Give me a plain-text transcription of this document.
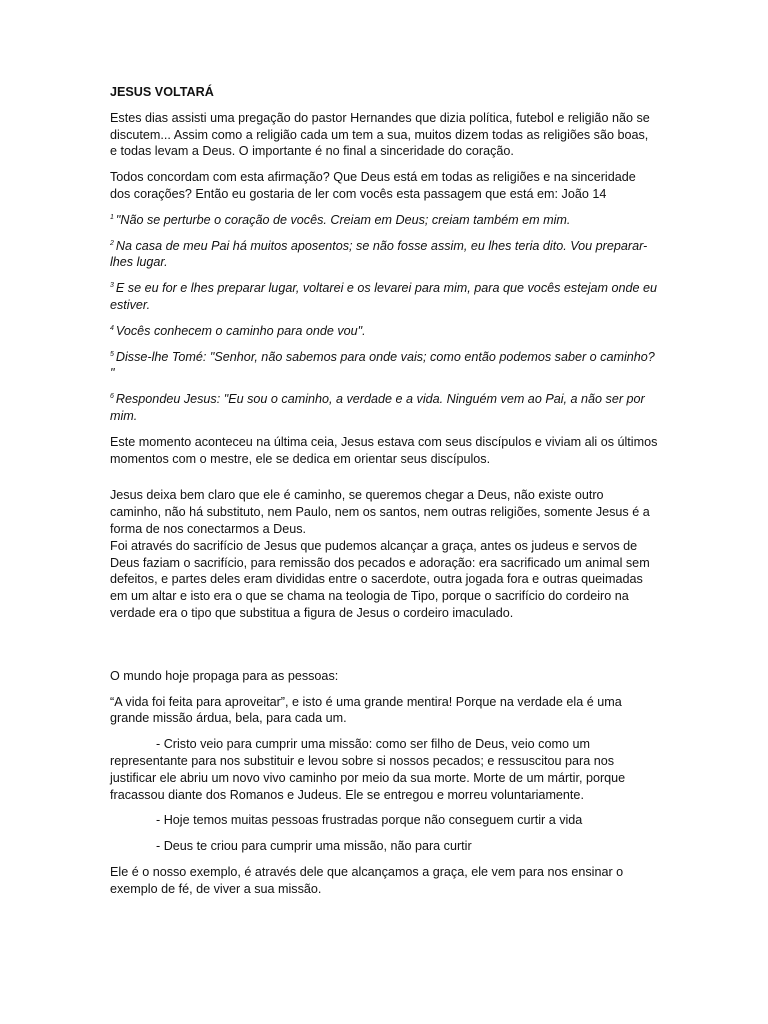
JESUS VOLTARÁ

Estes dias assisti uma pregação do pastor Hernandes que dizia política, futebol e religião não se discutem... Assim como a religião cada um tem a sua, muitos dizem todas as religiões são boas, e todas levam a Deus. O importante é no final a sinceridade do coração.

Todos concordam com esta afirmação? Que Deus está em todas as religiões e na sinceridade dos corações? Então eu gostaria de ler com vocês esta passagem que está em: João 14

$^1$ "Não se perturbe o coração de vocês. Creiam em Deus; creiam também em mim.

$^2$ Na casa de meu Pai há muitos aposentos; se não fosse assim, eu lhes teria dito. Vou preparar-lhes lugar.

$^3$ E se eu for e lhes preparar lugar, voltarei e os levarei para mim, para que vocês estejam onde eu estiver.

$^4$ Vocês conhecem o caminho para onde vou".

$^5$ Disse-lhe Tomé: "Senhor, não sabemos para onde vais; como então podemos saber o caminho? "

$^6$ Respondeu Jesus: "Eu sou o caminho, a verdade e a vida. Ninguém vem ao Pai, a não ser por mim.

Este momento aconteceu na última ceia, Jesus estava com seus discípulos e viviam ali os últimos momentos com o mestre, ele se dedica em orientar seus discípulos.

Jesus deixa bem claro que ele é caminho, se queremos chegar a Deus, não existe outro caminho, não há substituto, nem Paulo, nem os santos, nem outras religiões, somente Jesus é a forma de nos conectarmos a Deus.

Foi através do sacrifício de Jesus que pudemos alcançar a graça, antes os judeus e servos de Deus faziam o sacrifício, para remissão dos pecados e adoração: era sacrificado um animal sem defeitos, e partes deles eram divididas entre o sacerdote, outra jogada fora e outras queimadas em um altar e isto era o que se chama na teologia de Tipo, porque o sacrifício do cordeiro na verdade era o tipo que substitua a figura de Jesus o cordeiro imaculado.

O mundo hoje propaga para as pessoas:

“A vida foi feita para aproveitar”, e isto é uma grande mentira! Porque na verdade ela é uma grande missão árdua, bela, para cada um.

- Cristo veio para cumprir uma missão: como ser filho de Deus, veio como um representante para nos substituir e levou sobre si nossos pecados; e ressuscitou para nos justificar ele abriu um novo vivo caminho por meio da sua morte. Morte de um mártir, porque fracassou diante dos Romanos e Judeus. Ele se entregou e morreu voluntariamente.

- Hoje temos muitas pessoas frustradas porque não conseguem curtir a vida

- Deus te criou para cumprir uma missão, não para curtir

Ele é o nosso exemplo, é através dele que alcançamos a graça, ele vem para nos ensinar o exemplo de fé, de viver a sua missão.
